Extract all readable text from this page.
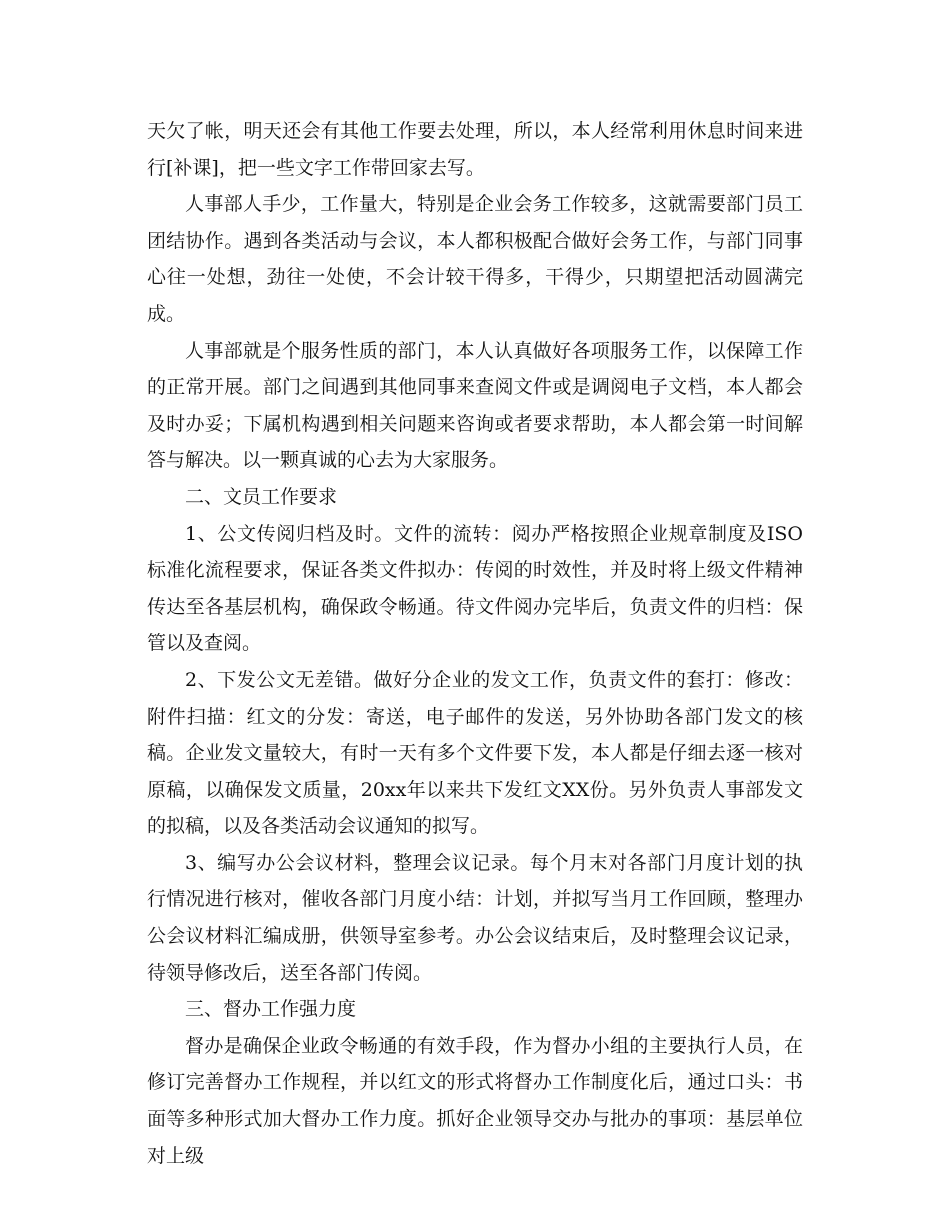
天欠了帐，明天还会有其他工作要去处理，所以，本人经常利用休息时间来进行[补课]，把一些文字工作带回家去写。

人事部人手少，工作量大，特别是企业会务工作较多，这就需要部门员工团结协作。遇到各类活动与会议，本人都积极配合做好会务工作，与部门同事心往一处想，劲往一处使，不会计较干得多，干得少，只期望把活动圆满完成。

人事部就是个服务性质的部门，本人认真做好各项服务工作，以保障工作的正常开展。部门之间遇到其他同事来查阅文件或是调阅电子文档，本人都会及时办妥；下属机构遇到相关问题来咨询或者要求帮助，本人都会第一时间解答与解决。以一颗真诚的心去为大家服务。

二、文员工作要求

1、公文传阅归档及时。文件的流转：阅办严格按照企业规章制度及ISO标准化流程要求，保证各类文件拟办：传阅的时效性，并及时将上级文件精神传达至各基层机构，确保政令畅通。待文件阅办完毕后，负责文件的归档：保管以及查阅。

2、下发公文无差错。做好分企业的发文工作，负责文件的套打：修改：附件扫描：红文的分发：寄送，电子邮件的发送，另外协助各部门发文的核稿。企业发文量较大，有时一天有多个文件要下发，本人都是仔细去逐一核对原稿，以确保发文质量，20xx年以来共下发红文XX份。另外负责人事部发文的拟稿，以及各类活动会议通知的拟写。

3、编写办公会议材料，整理会议记录。每个月末对各部门月度计划的执行情况进行核对，催收各部门月度小结：计划，并拟写当月工作回顾，整理办公会议材料汇编成册，供领导室参考。办公会议结束后，及时整理会议记录，待领导修改后，送至各部门传阅。

三、督办工作强力度

督办是确保企业政令畅通的有效手段，作为督办小组的主要执行人员，在修订完善督办工作规程，并以红文的形式将督办工作制度化后，通过口头：书面等多种形式加大督办工作力度。抓好企业领导交办与批办的事项：基层单位对上级
